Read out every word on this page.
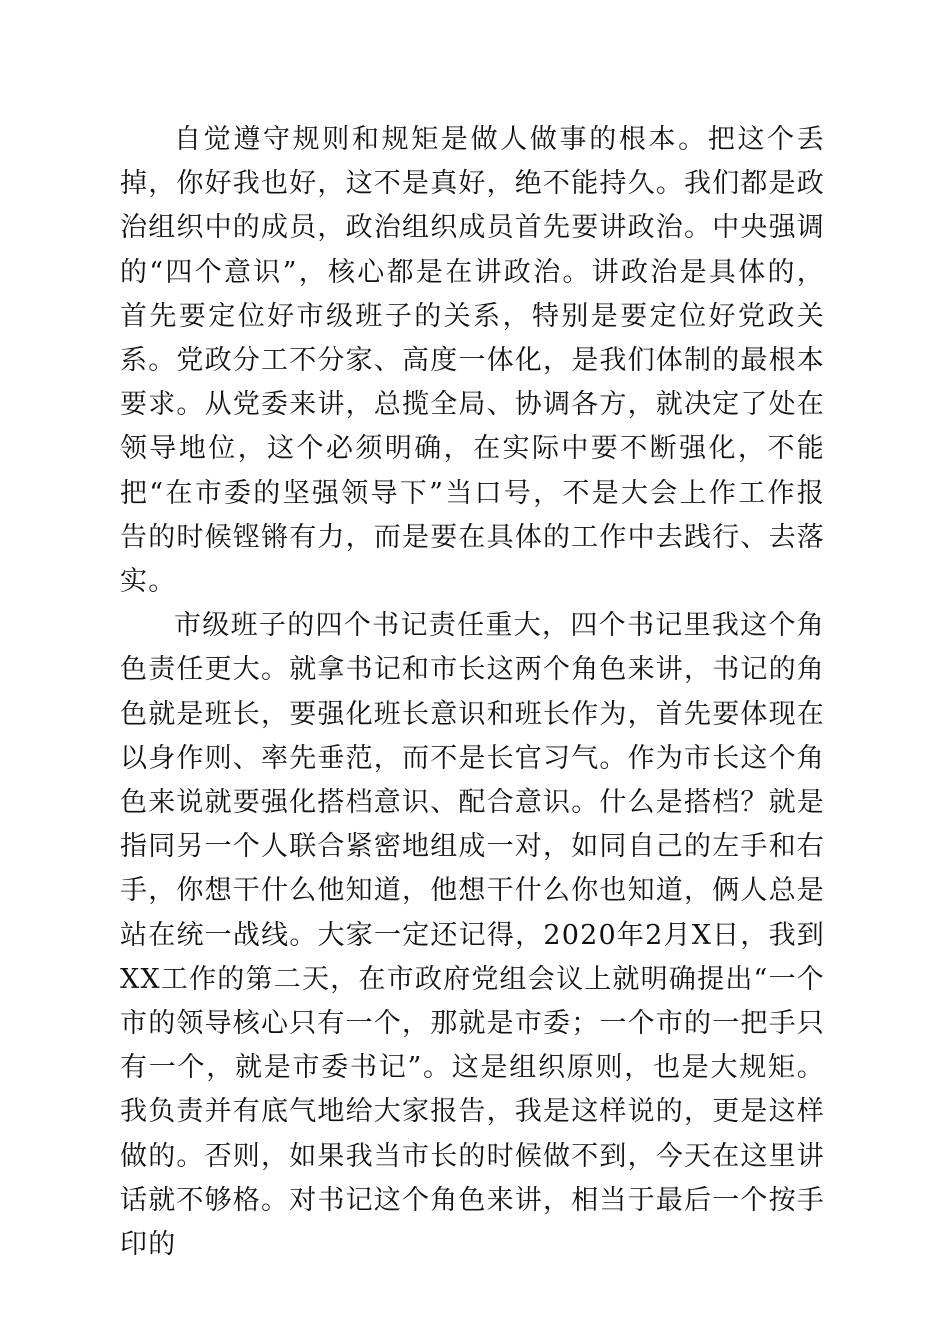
自觉遵守规则和规矩是做人做事的根本。把这个丢掉，你好我也好，这不是真好，绝不能持久。我们都是政治组织中的成员，政治组织成员首先要讲政治。中央强调的“四个意识”，核心都是在讲政治。讲政治是具体的，首先要定位好市级班子的关系，特别是要定位好党政关系。党政分工不分家、高度一体化，是我们体制的最根本要求。从党委来讲，总揽全局、协调各方，就决定了处在领导地位，这个必须明确，在实际中要不断强化，不能把“在市委的坚强领导下”当口号，不是大会上作工作报告的时候铿锵有力，而是要在具体的工作中去践行、去落实。

市级班子的四个书记责任重大，四个书记里我这个角色责任更大。就拿书记和市长这两个角色来讲，书记的角色就是班长，要强化班长意识和班长作为，首先要体现在以身作则、率先垂范，而不是长官习气。作为市长这个角色来说就要强化搭档意识、配合意识。什么是搭档？就是指同另一个人联合紧密地组成一对，如同自己的左手和右手，你想干什么他知道，他想干什么你也知道，俩人总是站在统一战线。大家一定还记得，2020年2月X日，我到XX工作的第二天，在市政府党组会议上就明确提出“一个市的领导核心只有一个，那就是市委；一个市的一把手只有一个，就是市委书记”。这是组织原则，也是大规矩。我负责并有底气地给大家报告，我是这样说的，更是这样做的。否则，如果我当市长的时候做不到，今天在这里讲话就不够格。对书记这个角色来讲，相当于最后一个按手印的
